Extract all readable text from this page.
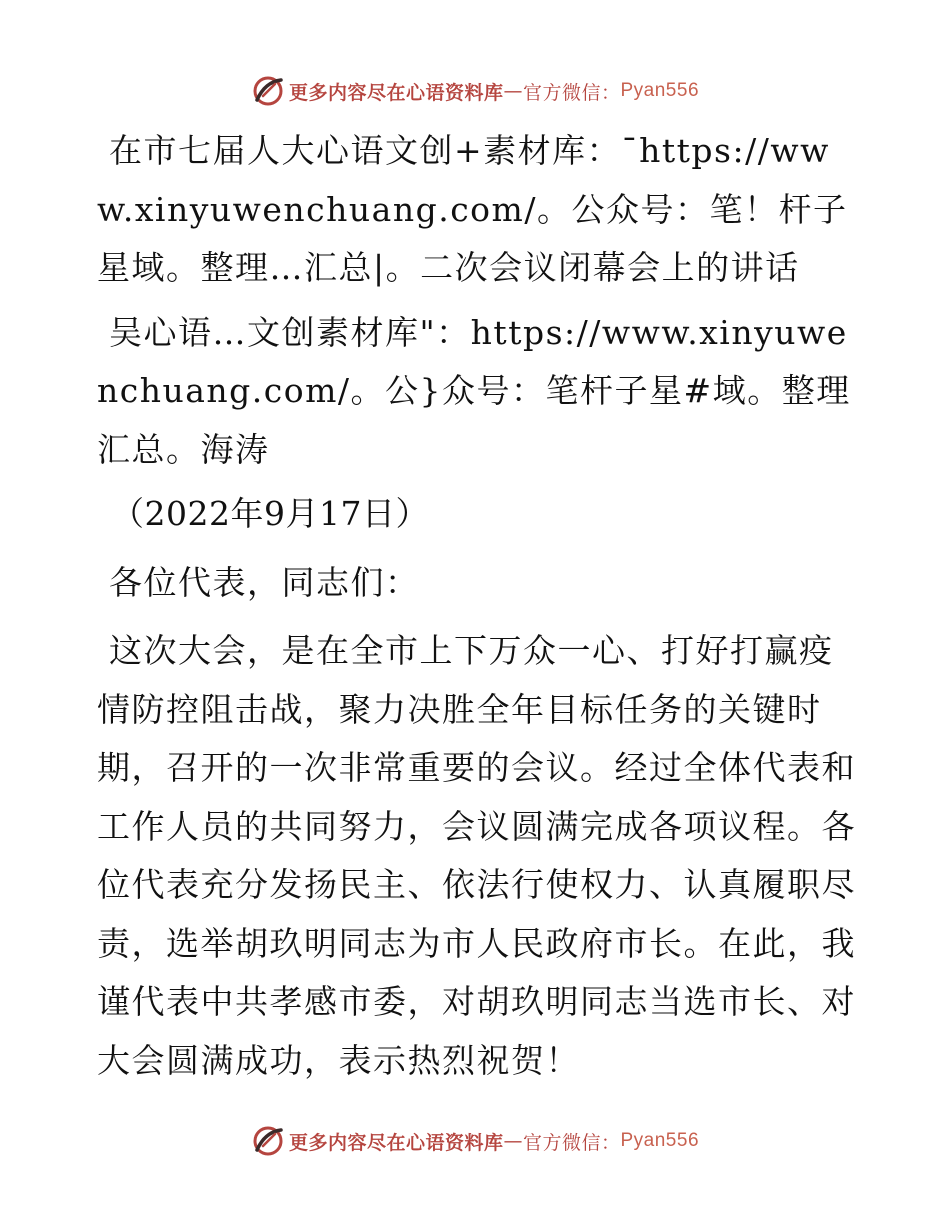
更多内容尽在心语资料库 — 官方微信： Pyan556

在市七届人大心语文创+素材库：¯https://www.xinyuwenchuang.com/。公众号：笔！杆子星域。整理…汇总|。二次会议闭幕会上的讲话

吴心语…文创素材库"：https://www.xinyuwenchuang.com/。公}众号：笔杆子星#域。整理汇总。海涛

（2022年9月17日）

各位代表，同志们：

这次大会，是在全市上下万众一心、打好打赢疫情防控阻击战，聚力决胜全年目标任务的关键时期，召开的一次非常重要的会议。经过全体代表和工作人员的共同努力，会议圆满完成各项议程。各位代表充分发扬民主、依法行使权力、认真履职尽责，选举胡玖明同志为市人民政府市长。在此，我谨代表中共孝感市委，对胡玖明同志当选市长、对大会圆满成功，表示热烈祝贺！

更多内容尽在心语资料库 — 官方微信： Pyan556
